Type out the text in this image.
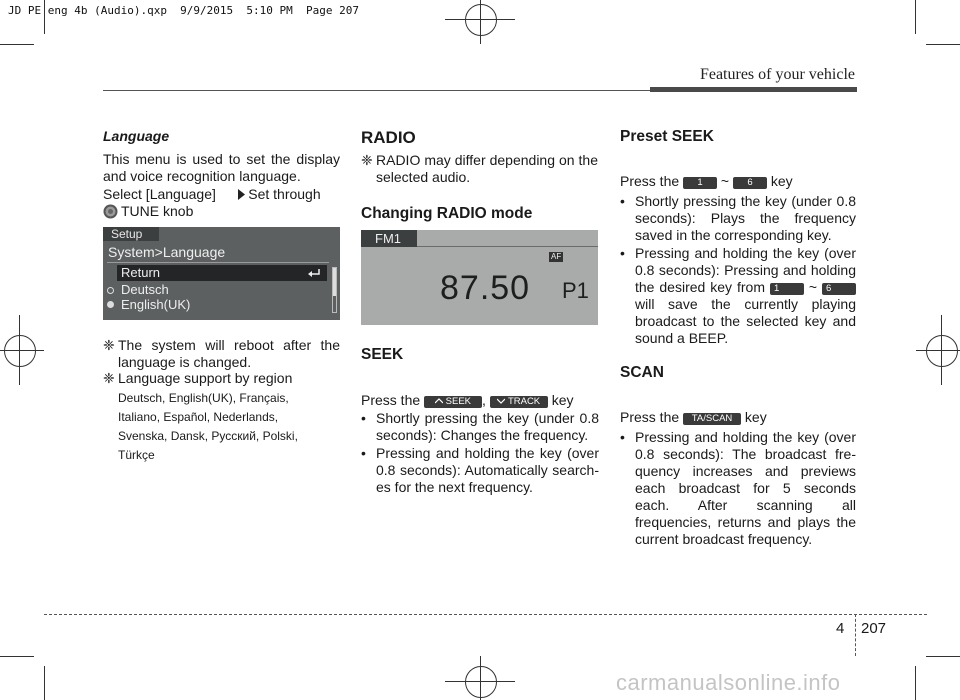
JD PE eng 4b (Audio).qxp  9/9/2015  5:10 PM  Page 207
Features of your vehicle
Language
This menu is used to set the display and voice recognition language.
Select [Language] Set through
TUNE knob
Setup
System>Language
Return
Deutsch
English(UK)
❈ The system will reboot after the language is changed.
❈ Language support by region
Deutsch, English(UK), Français,
Italiano, Español, Nederlands,
Svenska, Dansk, Русский, Polski,
Türkçe
RADIO
❈ RADIO may differ depending on the selected audio.
Changing RADIO mode
FM1
AF
87.50 P1
SEEK
Press the	SEEK , TRACK key
• Shortly pressing the key (under 0.8 seconds): Changes the frequency.
• Pressing and holding the key (over 0.8 seconds): Automatically search-es for the next frequency.
Preset SEEK
Press the 1 ~ 6 key
• Shortly pressing the key (under 0.8 seconds): Plays the frequency saved in the corresponding key.
• Pressing and holding the key (over 0.8 seconds): Pressing and holding the desired key from 1 ~ 6 will save the currently playing broadcast to the selected key and sound a BEEP.
SCAN
Press the TA/SCAN key
• Pressing and holding the key (over 0.8 seconds): The broadcast fre-quency increases and previews each broadcast for 5 seconds each. After scanning all frequencies, returns and plays the current broadcast frequency.
4 207
carmanualsonline.info
